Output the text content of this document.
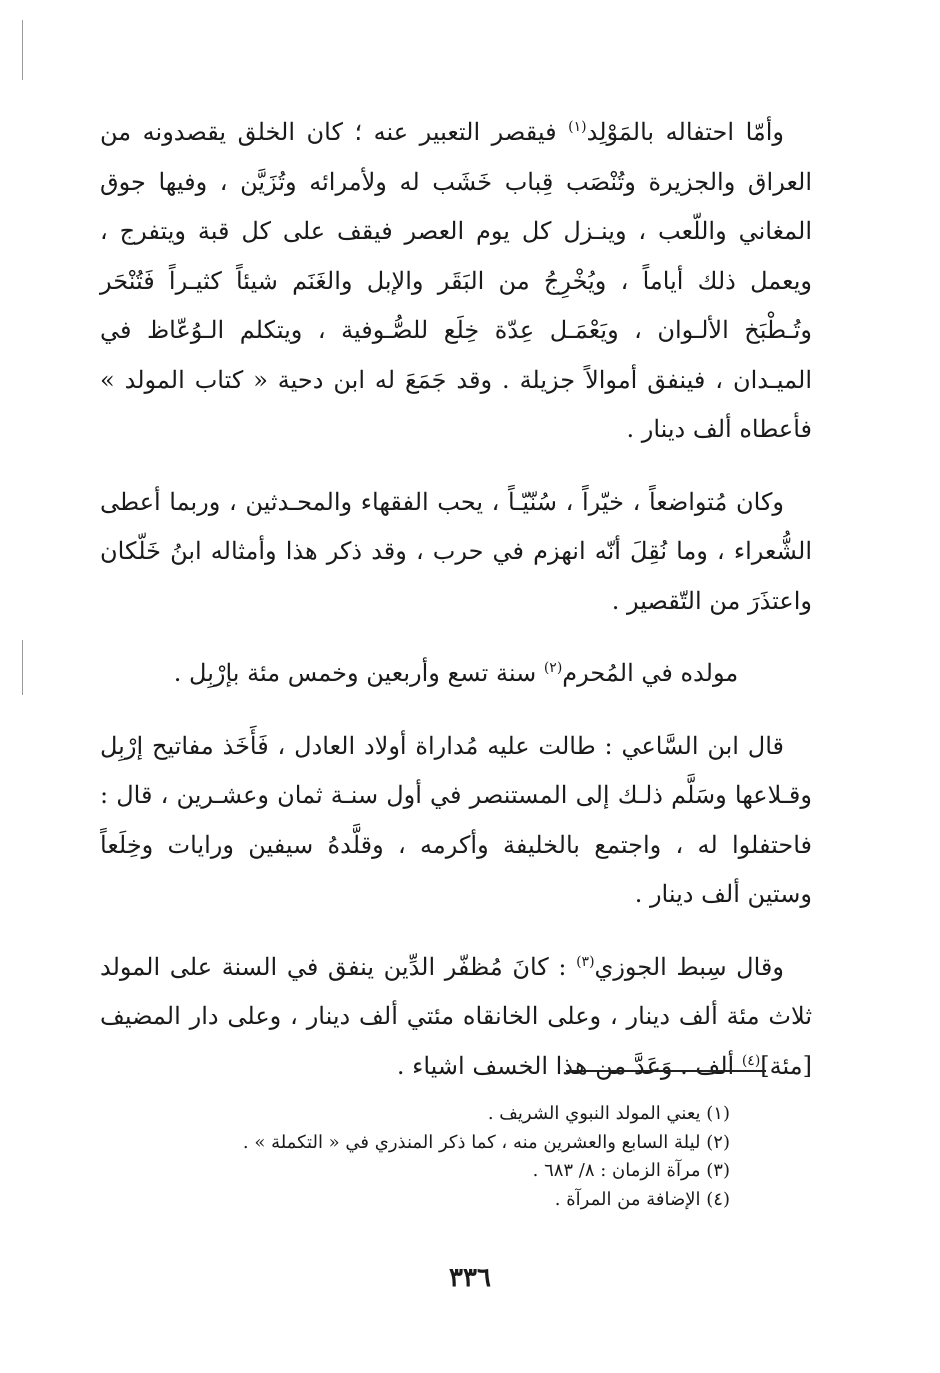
وأمّا احتفاله بالمَوْلِد$^{(١)}$ فيقصر التعبير عنه ؛ كان الخلق يقصدونه من العراق والجزيرة وتُنْصَب قِباب خَشَب له ولأمرائه وتُزَيَّن ، وفيها جوق المغاني واللّعب ، وينـزل كل يوم العصر فيقف على كل قبة ويتفرج ، ويعمل ذلك أياماً ، ويُخْرِجُ من البَقَر والإبل والغَنَم شيئاً كثيـراً فَتُنْحَر وتُـطْبَخ الألـوان ، ويَعْمَـل عِدّة خِلَع للصُّـوفية ، ويتكلم الـوُعّاظ في الميـدان ، فينفق أموالاً جزيلة . وقد جَمَعَ له ابن دحية « كتاب المولد » فأعطاه ألف دينار .

وكان مُتواضعاً ، خيّراً ، سُنّيّـاً ، يحب الفقهاء والمحـدثين ، وربما أعطى الشُّعراء ، وما نُقِلَ أنّه انهزم في حرب ، وقد ذكر هذا وأمثاله ابنُ خَلّكان واعتذَرَ من التّقصير .

مولده في المُحرم$^{(٢)}$ سنة تسع وأربعين وخمس مئة بإرْبِل .

قال ابن السَّاعي : طالت عليه مُداراة أولاد العادل ، فَأَخَذ مفاتيح إرْبِل وقـلاعها وسَلَّم ذلـك إلى المستنصر في أول سنـة ثمان وعشـرين ، قال : فاحتفلوا له ، واجتمع بالخليفة وأكرمه ، وقلَّدهُ سيفين ورايات وخِلَعاً وستين ألف دينار .

وقال سِبط الجوزي$^{(٣)}$ : كانَ مُظفّر الدِّين ينفق في السنة على المولد ثلاث مئة ألف دينار ، وعلى الخانقاه مئتي ألف دينار ، وعلى دار المضيف [مئة]$^{(٤)}$ ألف . وَعَدَّ من هذا الخسف اشياء .

(١) يعني المولد النبوي الشريف .

(٢) ليلة السابع والعشرين منه ، كما ذكر المنذري في « التكملة » .

(٣) مرآة الزمان : ٨/ ٦٨٣ .

(٤) الإضافة من المرآة .

٣٣٦
